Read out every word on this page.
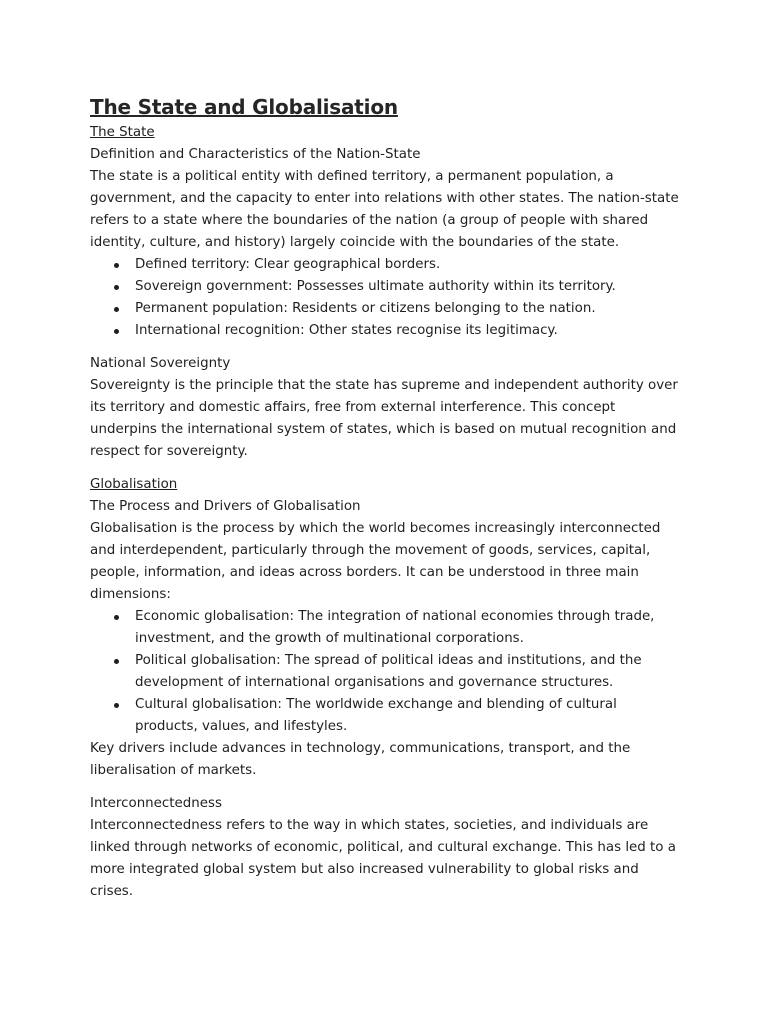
The State and Globalisation

The State

Definition and Characteristics of the Nation-State

The state is a political entity with defined territory, a permanent population, a government, and the capacity to enter into relations with other states. The nation-state refers to a state where the boundaries of the nation (a group of people with shared identity, culture, and history) largely coincide with the boundaries of the state.

Defined territory: Clear geographical borders.
Sovereign government: Possesses ultimate authority within its territory.
Permanent population: Residents or citizens belonging to the nation.
International recognition: Other states recognise its legitimacy.

National Sovereignty

Sovereignty is the principle that the state has supreme and independent authority over its territory and domestic affairs, free from external interference. This concept underpins the international system of states, which is based on mutual recognition and respect for sovereignty.

Globalisation

The Process and Drivers of Globalisation

Globalisation is the process by which the world becomes increasingly interconnected and interdependent, particularly through the movement of goods, services, capital, people, information, and ideas across borders. It can be understood in three main dimensions:

Economic globalisation: The integration of national economies through trade, investment, and the growth of multinational corporations.
Political globalisation: The spread of political ideas and institutions, and the development of international organisations and governance structures.
Cultural globalisation: The worldwide exchange and blending of cultural products, values, and lifestyles.

Key drivers include advances in technology, communications, transport, and the liberalisation of markets.

Interconnectedness

Interconnectedness refers to the way in which states, societies, and individuals are linked through networks of economic, political, and cultural exchange. This has led to a more integrated global system but also increased vulnerability to global risks and crises.
